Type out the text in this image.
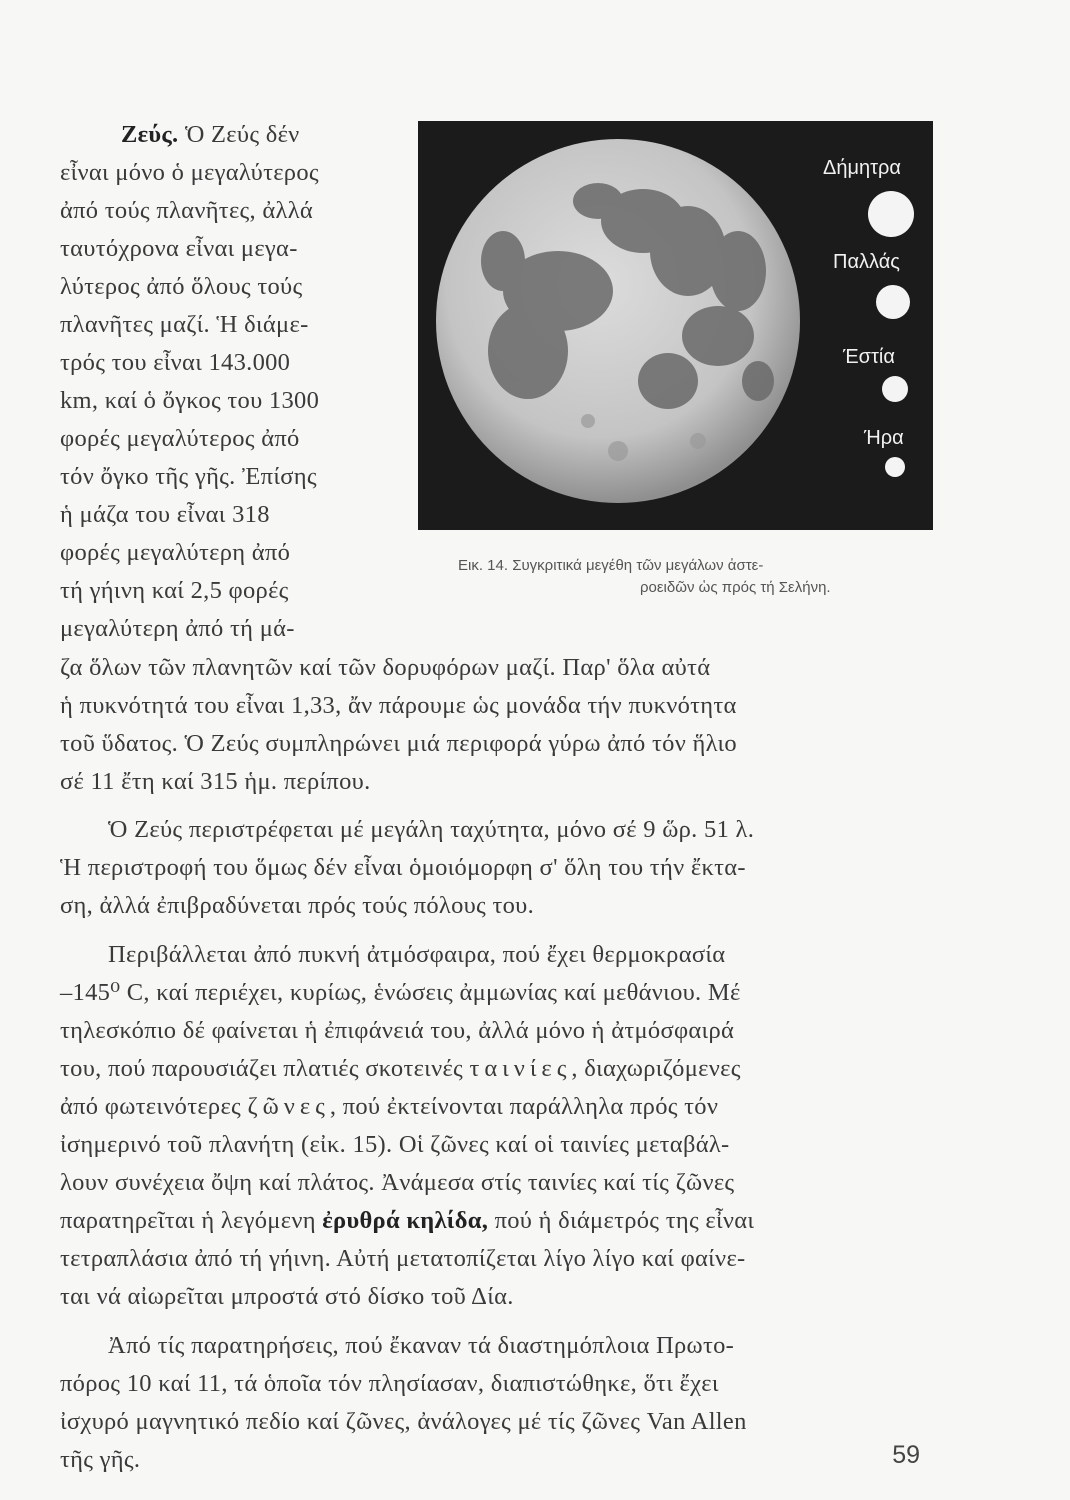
Δήμητρα
Παλλάς
Έστία
Ήρα
Εικ. 14. Συγκριτικά μεγέθη τῶν μεγάλων ἀστε-
ροειδῶν ὡς πρός τή Σελήνη.
Ζεύς. Ὁ Ζεύς δέν
εἶναι μόνο ὁ μεγαλύτερος
ἀπό τούς πλανῆτες, ἀλλά
ταυτόχρονα εἶναι μεγα-
λύτερος ἀπό ὅλους τούς
πλανῆτες μαζί. Ἡ διάμε-
τρός του εἶναι 143.000
km, καί ὁ ὄγκος του 1300
φορές μεγαλύτερος ἀπό
τόν ὄγκο τῆς γῆς. Ἐπίσης
ἡ μάζα του εἶναι 318
φορές μεγαλύτερη ἀπό
τή γήινη καί 2,5 φορές
μεγαλύτερη ἀπό τή μά-
ζα ὅλων τῶν πλανητῶν καί τῶν δορυφόρων μαζί. Παρ' ὅλα αὐτά
ἡ πυκνότητά του εἶναι 1,33, ἄν πάρουμε ὡς μονάδα τήν πυκνότητα
τοῦ ὕδατος. Ὁ Ζεύς συμπληρώνει μιά περιφορά γύρω ἀπό τόν ἥλιο
σέ 11 ἔτη καί 315 ἡμ. περίπου.
Ὁ Ζεύς περιστρέφεται μέ μεγάλη ταχύτητα, μόνο σέ 9 ὥρ. 51 λ.
Ἡ περιστροφή του ὅμως δέν εἶναι ὁμοιόμορφη σ' ὅλη του τήν ἔκτα-
ση, ἀλλά ἐπιβραδύνεται πρός τούς πόλους του.
Περιβάλλεται ἀπό πυκνή ἀτμόσφαιρα, πού ἔχει θερμοκρασία
–145⁰ C, καί περιέχει, κυρίως, ἑνώσεις ἀμμωνίας καί μεθάνιου. Μέ
τηλεσκόπιο δέ φαίνεται ἡ ἐπιφάνειά του, ἀλλά μόνο ἡ ἀτμόσφαιρά
του, πού παρουσιάζει πλατιές σκοτεινές ταινίες, διαχωριζόμενες
ἀπό φωτεινότερες ζῶνες, πού ἐκτείνονται παράλληλα πρός τόν
ἰσημερινό τοῦ πλανήτη (εἰκ. 15). Οἱ ζῶνες καί οἱ ταινίες μεταβάλ-
λουν συνέχεια ὄψη καί πλάτος. Ἀνάμεσα στίς ταινίες καί τίς ζῶνες
παρατηρεῖται ἡ λεγόμενη ἐρυθρά κηλίδα, πού ἡ διάμετρός της εἶναι
τετραπλάσια ἀπό τή γήινη. Αὐτή μετατοπίζεται λίγο λίγο καί φαίνε-
ται νά αἰωρεῖται μπροστά στό δίσκο τοῦ Δία.
Ἀπό τίς παρατηρήσεις, πού ἔκαναν τά διαστημόπλοια Πρωτο-
πόρος 10 καί 11, τά ὁποῖα τόν πλησίασαν, διαπιστώθηκε, ὅτι ἔχει
ἰσχυρό μαγνητικό πεδίο καί ζῶνες, ἀνάλογες μέ τίς ζῶνες Van Allen
τῆς γῆς.	59
